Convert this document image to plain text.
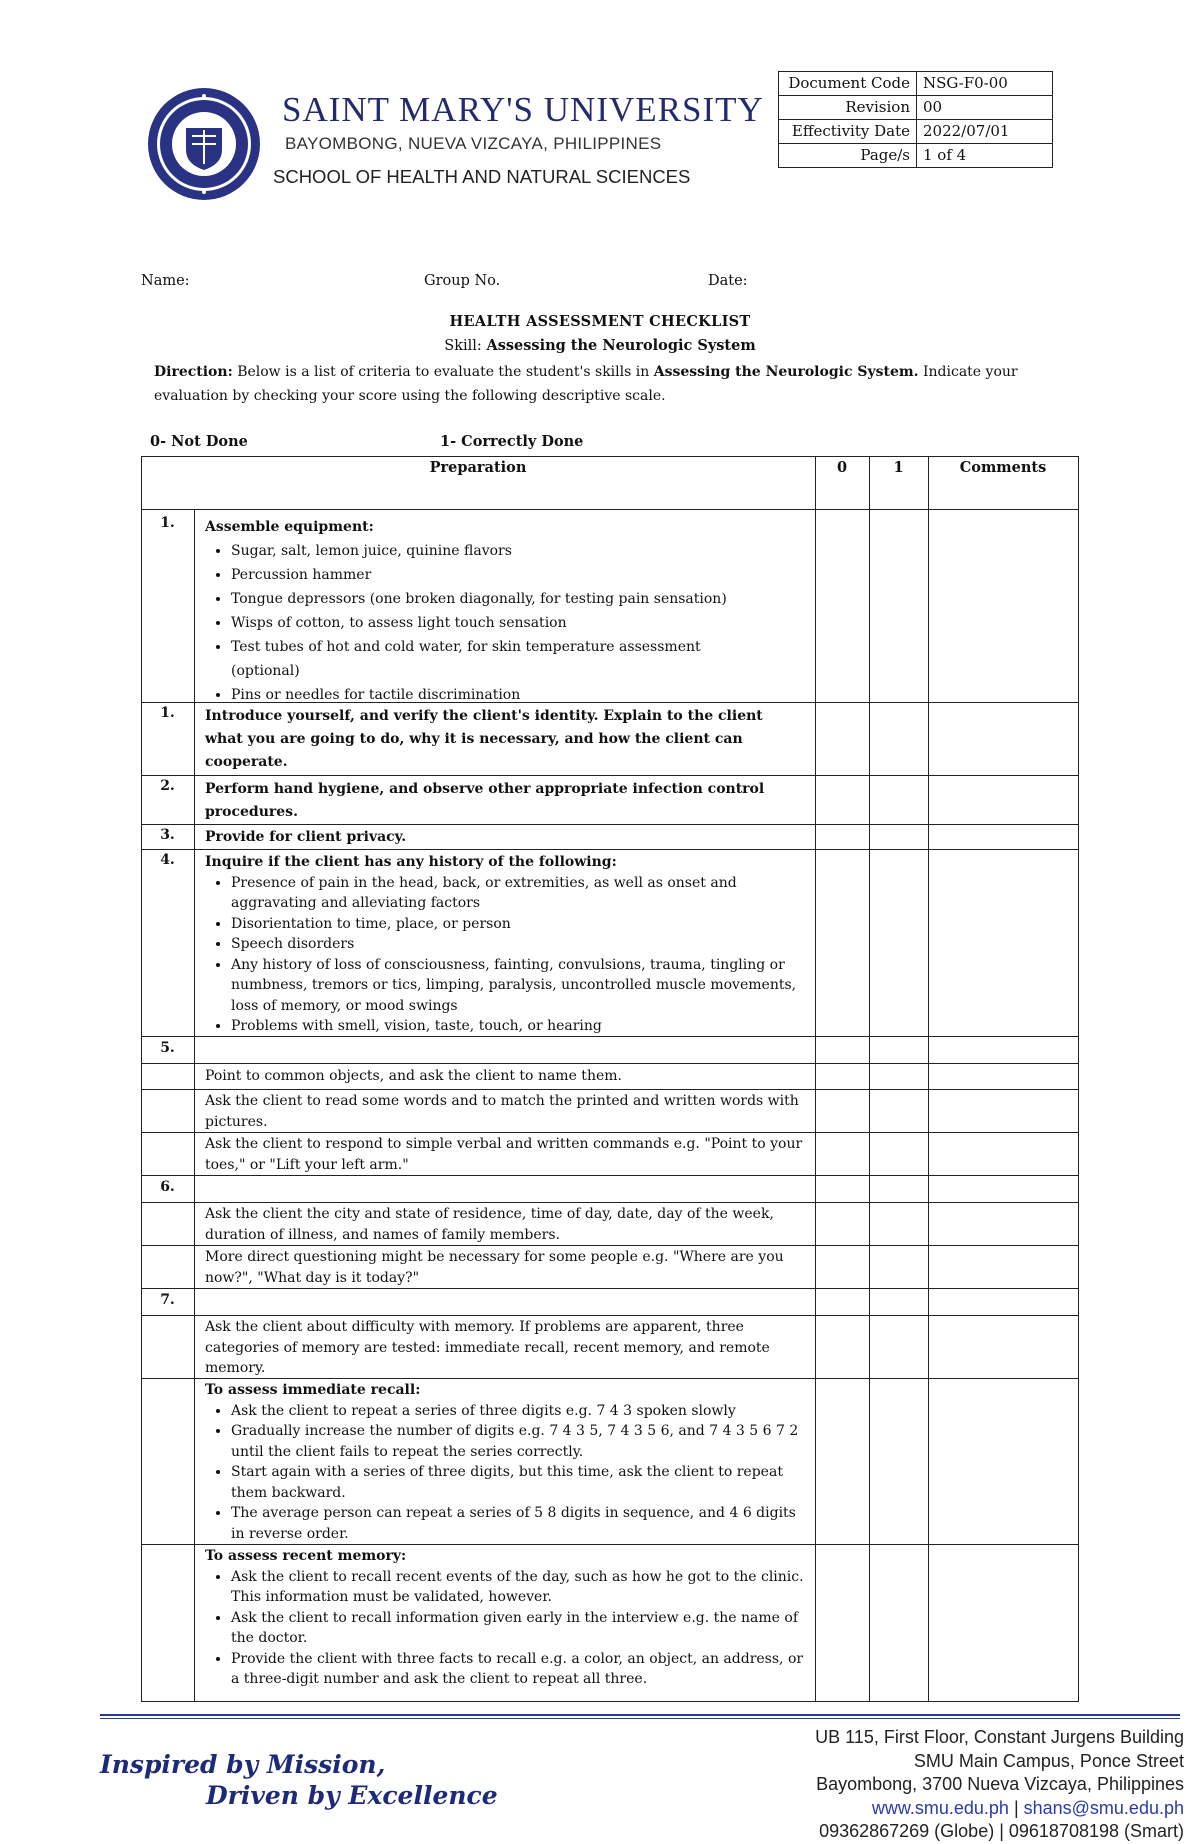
SAINT MARY'S UNIVERSITY
BAYOMBONG, NUEVA VIZCAYA, PHILIPPINES
SCHOOL OF HEALTH AND NATURAL SCIENCES
Document Code	NSG-F0-00
Revision	00
Effectivity Date	2022/07/01
Page/s	1 of 4
Name:	Group No.	Date:
HEALTH ASSESSMENT CHECKLIST
Skill: Assessing the Neurologic System
Direction: Below is a list of criteria to evaluate the student's skills in Assessing the Neurologic System. Indicate your evaluation by checking your score using the following descriptive scale.
0- Not Done	1- Correctly Done
Preparation	0	1	Comments
1.	Assemble equipment:
• Sugar, salt, lemon juice, quinine flavors
• Percussion hammer
• Tongue depressors (one broken diagonally, for testing pain sensation)
• Wisps of cotton, to assess light touch sensation
• Test tubes of hot and cold water, for skin temperature assessment (optional)
• Pins or needles for tactile discrimination
1.	Introduce yourself, and verify the client's identity. Explain to the client what you are going to do, why it is necessary, and how the client can cooperate.
2.	Perform hand hygiene, and observe other appropriate infection control procedures.
3.	Provide for client privacy.
4.	Inquire if the client has any history of the following:
• Presence of pain in the head, back, or extremities, as well as onset and aggravating and alleviating factors
• Disorientation to time, place, or person
• Speech disorders
• Any history of loss of consciousness, fainting, convulsions, trauma, tingling or numbness, tremors or tics, limping, paralysis, uncontrolled muscle movements, loss of memory, or mood swings
• Problems with smell, vision, taste, touch, or hearing
5.
Point to common objects, and ask the client to name them.
Ask the client to read some words and to match the printed and written words with pictures.
Ask the client to respond to simple verbal and written commands e.g. "Point to your toes," or "Lift your left arm."
6.
Ask the client the city and state of residence, time of day, date, day of the week, duration of illness, and names of family members.
More direct questioning might be necessary for some people e.g. "Where are you now?", "What day is it today?"
7.
Ask the client about difficulty with memory. If problems are apparent, three categories of memory are tested: immediate recall, recent memory, and remote memory.
To assess immediate recall:
• Ask the client to repeat a series of three digits e.g. 7 4 3 spoken slowly
• Gradually increase the number of digits e.g. 7 4 3 5, 7 4 3 5 6, and 7 4 3 5 6 7 2 until the client fails to repeat the series correctly.
• Start again with a series of three digits, but this time, ask the client to repeat them backward.
• The average person can repeat a series of 5 8 digits in sequence, and 4 6 digits in reverse order.
To assess recent memory:
• Ask the client to recall recent events of the day, such as how he got to the clinic. This information must be validated, however.
• Ask the client to recall information given early in the interview e.g. the name of the doctor.
• Provide the client with three facts to recall e.g. a color, an object, an address, or a three-digit number and ask the client to repeat all three.
Inspired by Mission,
Driven by Excellence
UB 115, First Floor, Constant Jurgens Building
SMU Main Campus, Ponce Street
Bayombong, 3700 Nueva Vizcaya, Philippines
www.smu.edu.ph | shans@smu.edu.ph
09362867269 (Globe) | 09618708198 (Smart)
